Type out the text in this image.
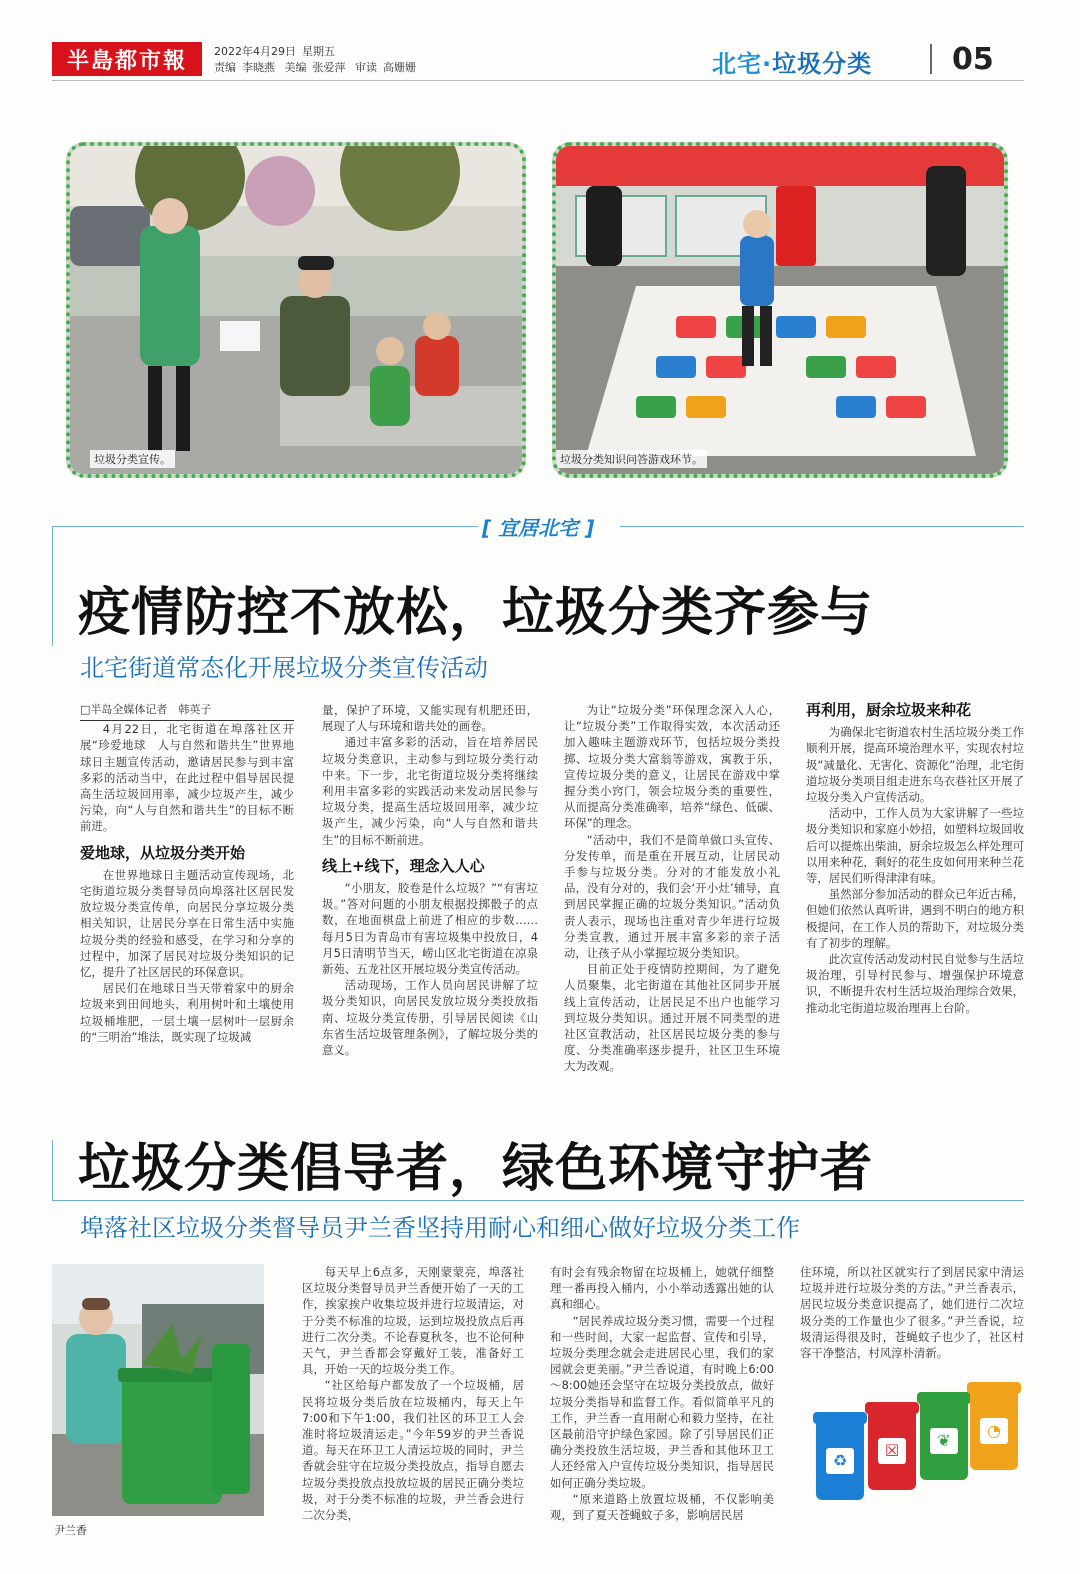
半島都市報	2022年4月29日 星期五
责编 李晓燕 美编 张爱萍 审读 高姗姗	北宅·垃圾分类	05
垃圾分类宣传。	垃圾分类知识问答游戏环节。
[ 宜居北宅 ]
疫情防控不放松，垃圾分类齐参与
北宅街道常态化开展垃圾分类宣传活动

□半岛全媒体记者　韩英子

4月22日，北宅街道在埠落社区开展“珍爱地球　人与自然和谐共生”世界地球日主题宣传活动，邀请居民参与到丰富多彩的活动当中，在此过程中倡导居民提高生活垃圾回用率，减少垃圾产生，减少污染，向“人与自然和谐共生”的目标不断前进。

爱地球，从垃圾分类开始

在世界地球日主题活动宣传现场，北宅街道垃圾分类督导员向埠落社区居民发放垃圾分类宣传单，向居民分享垃圾分类相关知识，让居民分享在日常生活中实施垃圾分类的经验和感受，在学习和分享的过程中，加深了居民对垃圾分类知识的记忆，提升了社区居民的环保意识。

居民们在地球日当天带着家中的厨余垃圾来到田间地头，利用树叶和土壤使用垃圾桶堆肥，一层土壤一层树叶一层厨余的“三明治”堆法，既实现了垃圾减

量，保护了环境，又能实现有机肥还田，展现了人与环境和谐共处的画卷。

通过丰富多彩的活动，旨在培养居民垃圾分类意识，主动参与到垃圾分类行动中来。下一步，北宅街道垃圾分类将继续利用丰富多彩的实践活动来发动居民参与垃圾分类，提高生活垃圾回用率，减少垃圾产生，减少污染，向“人与自然和谐共生”的目标不断前进。

线上+线下，理念入人心

“小朋友，胶卷是什么垃圾？”“有害垃圾。”答对问题的小朋友根据投掷骰子的点数，在地面棋盘上前进了相应的步数……每月5日为青岛市有害垃圾集中投放日，4月5日清明节当天，崂山区北宅街道在凉泉新苑、五龙社区开展垃圾分类宣传活动。

活动现场，工作人员向居民讲解了垃圾分类知识，向居民发放垃圾分类投放指南、垃圾分类宣传册，引导居民阅读《山东省生活垃圾管理条例》，了解垃圾分类的意义。

为让“垃圾分类”环保理念深入人心，让“垃圾分类”工作取得实效，本次活动还加入趣味主题游戏环节，包括垃圾分类投掷、垃圾分类大富翁等游戏，寓教于乐，宣传垃圾分类的意义，让居民在游戏中掌握分类小窍门，领会垃圾分类的重要性，从而提高分类准确率，培养“绿色、低碳、环保”的理念。

“活动中，我们不是简单做口头宣传、分发传单，而是重在开展互动，让居民动手参与垃圾分类。分对的才能发放小礼品，没有分对的，我们会‘开小灶’辅导，直到居民掌握正确的垃圾分类知识。”活动负责人表示，现场也注重对青少年进行垃圾分类宣教，通过开展丰富多彩的亲子活动，让孩子从小掌握垃圾分类知识。

目前正处于疫情防控期间，为了避免人员聚集，北宅街道在其他社区同步开展线上宣传活动，让居民足不出户也能学习到垃圾分类知识。通过开展不同类型的进社区宣教活动，社区居民垃圾分类的参与度、分类准确率逐步提升，社区卫生环境大为改观。

再利用，厨余垃圾来种花

为确保北宅街道农村生活垃圾分类工作顺利开展，提高环境治理水平，实现农村垃圾“减量化、无害化、资源化”治理，北宅街道垃圾分类项目组走进东乌衣巷社区开展了垃圾分类入户宣传活动。

活动中，工作人员为大家讲解了一些垃圾分类知识和家庭小妙招，如塑料垃圾回收后可以提炼出柴油，厨余垃圾怎么样处理可以用来种花，剩好的花生皮如何用来种兰花等，居民们听得津津有味。

虽然部分参加活动的群众已年近古稀，但她们依然认真听讲，遇到不明白的地方积极提问，在工作人员的帮助下，对垃圾分类有了初步的理解。

此次宣传活动发动村民自觉参与生活垃圾治理，引导村民参与、增强保护环境意识，不断提升农村生活垃圾治理综合效果，推动北宅街道垃圾治理再上台阶。

垃圾分类倡导者，绿色环境守护者
埠落社区垃圾分类督导员尹兰香坚持用耐心和细心做好垃圾分类工作
尹兰香

每天早上6点多，天刚蒙蒙亮，埠落社区垃圾分类督导员尹兰香便开始了一天的工作，挨家挨户收集垃圾并进行垃圾清运，对于分类不标准的垃圾，运到垃圾投放点后再进行二次分类。不论春夏秋冬，也不论何种天气，尹兰香都会穿戴好工装，准备好工具，开始一天的垃圾分类工作。

“社区给每户都发放了一个垃圾桶，居民将垃圾分类后放在垃圾桶内，每天上午7:00和下午1:00，我们社区的环卫工人会准时将垃圾清运走。”今年59岁的尹兰香说道。每天在环卫工人清运垃圾的同时，尹兰香就会驻守在垃圾分类投放点，指导自愿去垃圾分类投放点投放垃圾的居民正确分类垃圾，对于分类不标准的垃圾，尹兰香会进行二次分类，

有时会有残余物留在垃圾桶上，她就仔细整理一番再投入桶内，小小举动透露出她的认真和细心。

“居民养成垃圾分类习惯，需要一个过程和一些时间，大家一起监督、宣传和引导，垃圾分类理念就会走进居民心里，我们的家园就会更美丽。”尹兰香说道，有时晚上6:00～8:00她还会坚守在垃圾分类投放点，做好垃圾分类指导和监督工作。看似简单平凡的工作，尹兰香一直用耐心和毅力坚持，在社区最前沿守护绿色家园。除了引导居民们正确分类投放生活垃圾，尹兰香和其他环卫工人还经常入户宣传垃圾分类知识，指导居民如何正确分类垃圾。

“原来道路上放置垃圾桶，不仅影响美观，到了夏天苍蝇蚊子多，影响居民居

住环境，所以社区就实行了到居民家中清运垃圾并进行垃圾分类的方法。”尹兰香表示，居民垃圾分类意识提高了，她们进行二次垃圾分类的工作量也少了很多。”尹兰香说，垃圾清运得很及时，苍蝇蚊子也少了，社区村容干净整洁，村风淳朴清新。

♻
☒
❦
◔
